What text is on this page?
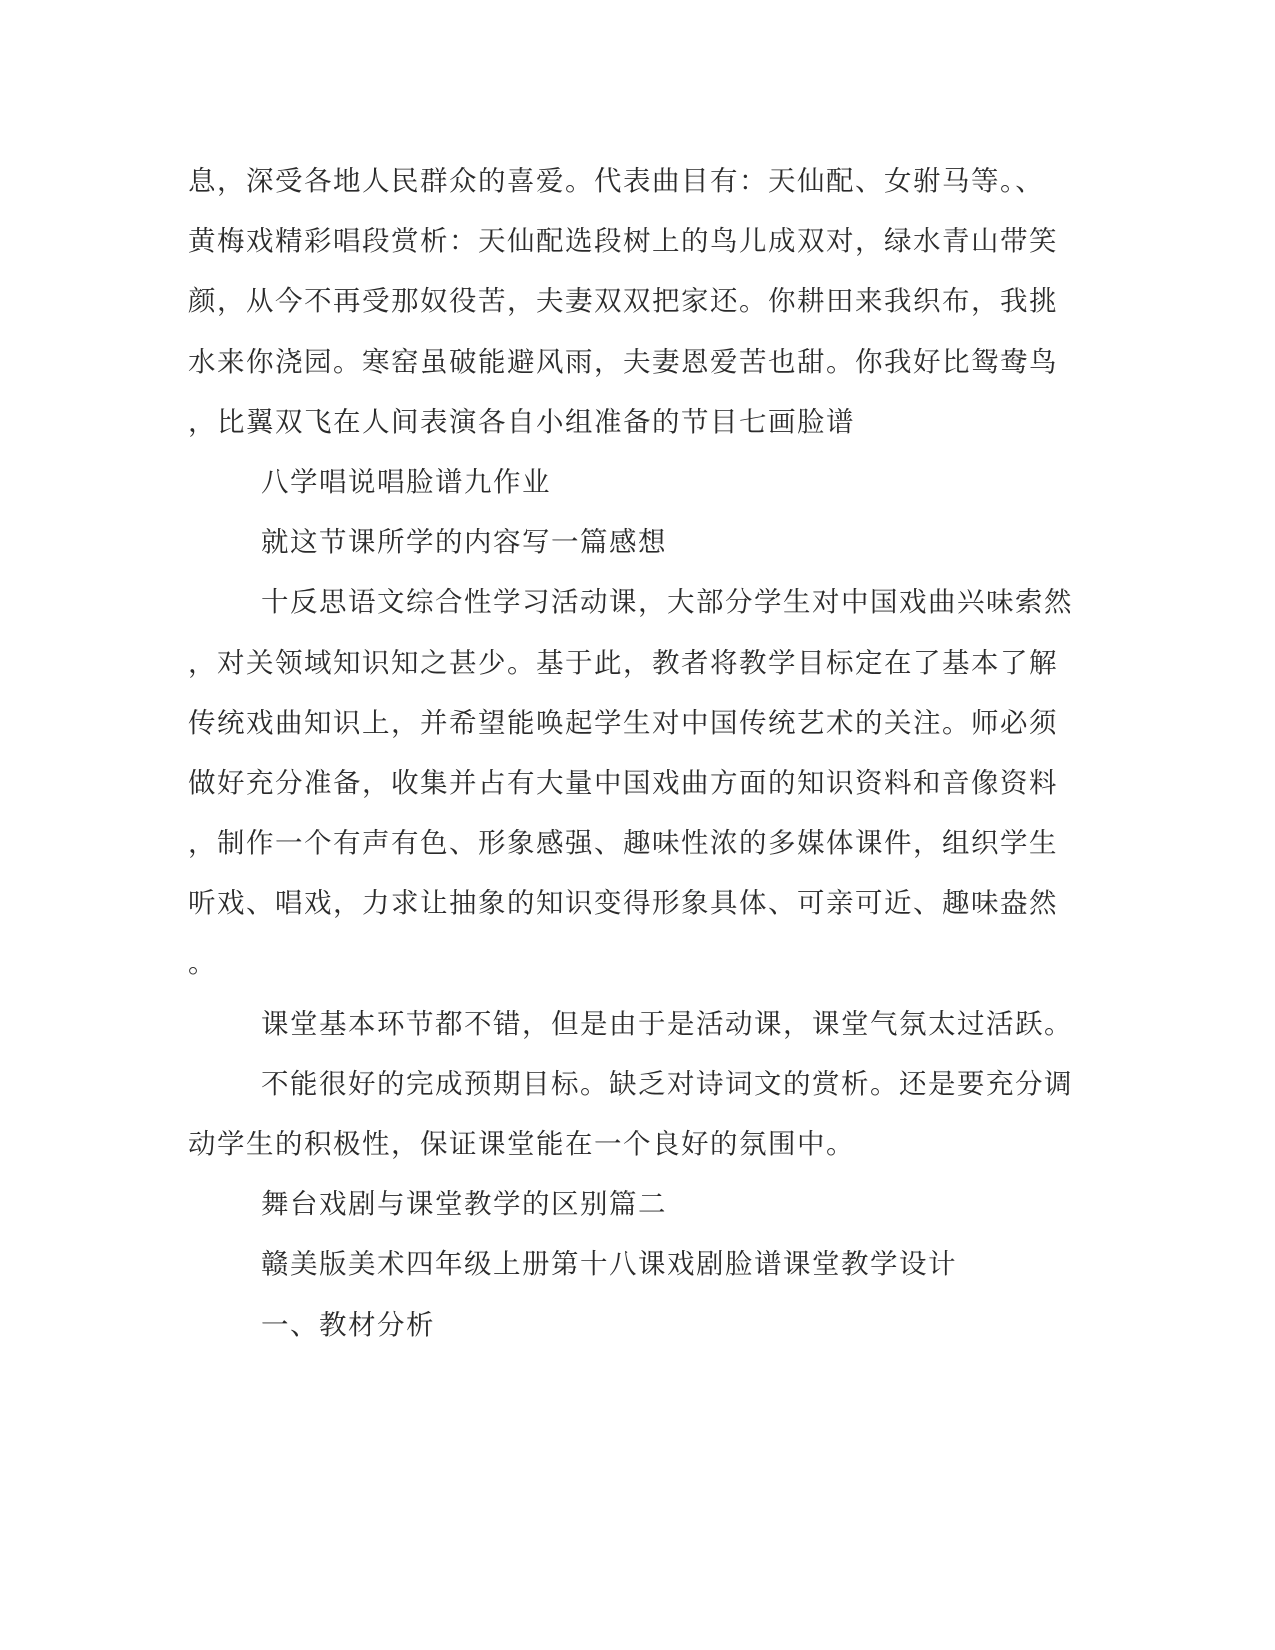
息，深受各地人民群众的喜爱。代表曲目有：天仙配、女驸马等。、
黄梅戏精彩唱段赏析：天仙配选段树上的鸟儿成双对，绿水青山带笑
颜，从今不再受那奴役苦，夫妻双双把家还。你耕田来我织布，我挑
水来你浇园。寒窑虽破能避风雨，夫妻恩爱苦也甜。你我好比鸳鸯鸟
，比翼双飞在人间表演各自小组准备的节目七画脸谱
八学唱说唱脸谱九作业
就这节课所学的内容写一篇感想
十反思语文综合性学习活动课，大部分学生对中国戏曲兴味索然
，对关领域知识知之甚少。基于此，教者将教学目标定在了基本了解
传统戏曲知识上，并希望能唤起学生对中国传统艺术的关注。师必须
做好充分准备，收集并占有大量中国戏曲方面的知识资料和音像资料
，制作一个有声有色、形象感强、趣味性浓的多媒体课件，组织学生
听戏、唱戏，力求让抽象的知识变得形象具体、可亲可近、趣味盎然
。
课堂基本环节都不错，但是由于是活动课，课堂气氛太过活跃。
不能很好的完成预期目标。缺乏对诗词文的赏析。还是要充分调
动学生的积极性，保证课堂能在一个良好的氛围中。
舞台戏剧与课堂教学的区别篇二
赣美版美术四年级上册第十八课戏剧脸谱课堂教学设计
一、教材分析
